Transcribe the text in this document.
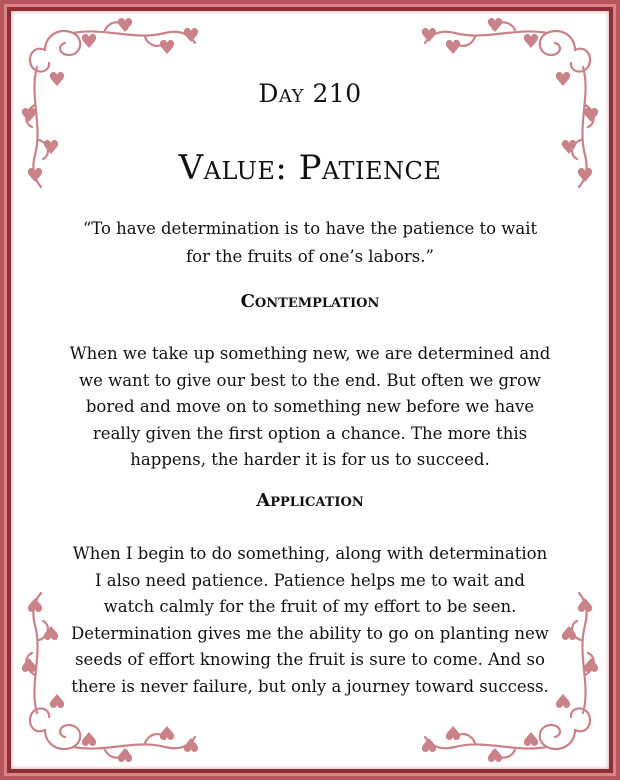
Day 210
Value: Patience

“To have determination is to have the patience to wait for the fruits of one’s labors.”

Contemplation

When we take up something new, we are determined and we want to give our best to the end. But often we grow bored and move on to something new before we have really given the first option a chance. The more this happens, the harder it is for us to succeed.

Application

When I begin to do something, along with determination I also need patience. Patience helps me to wait and watch calmly for the fruit of my effort to be seen. Determination gives me the ability to go on planting new seeds of effort knowing the fruit is sure to come. And so there is never failure, but only a journey toward success.
